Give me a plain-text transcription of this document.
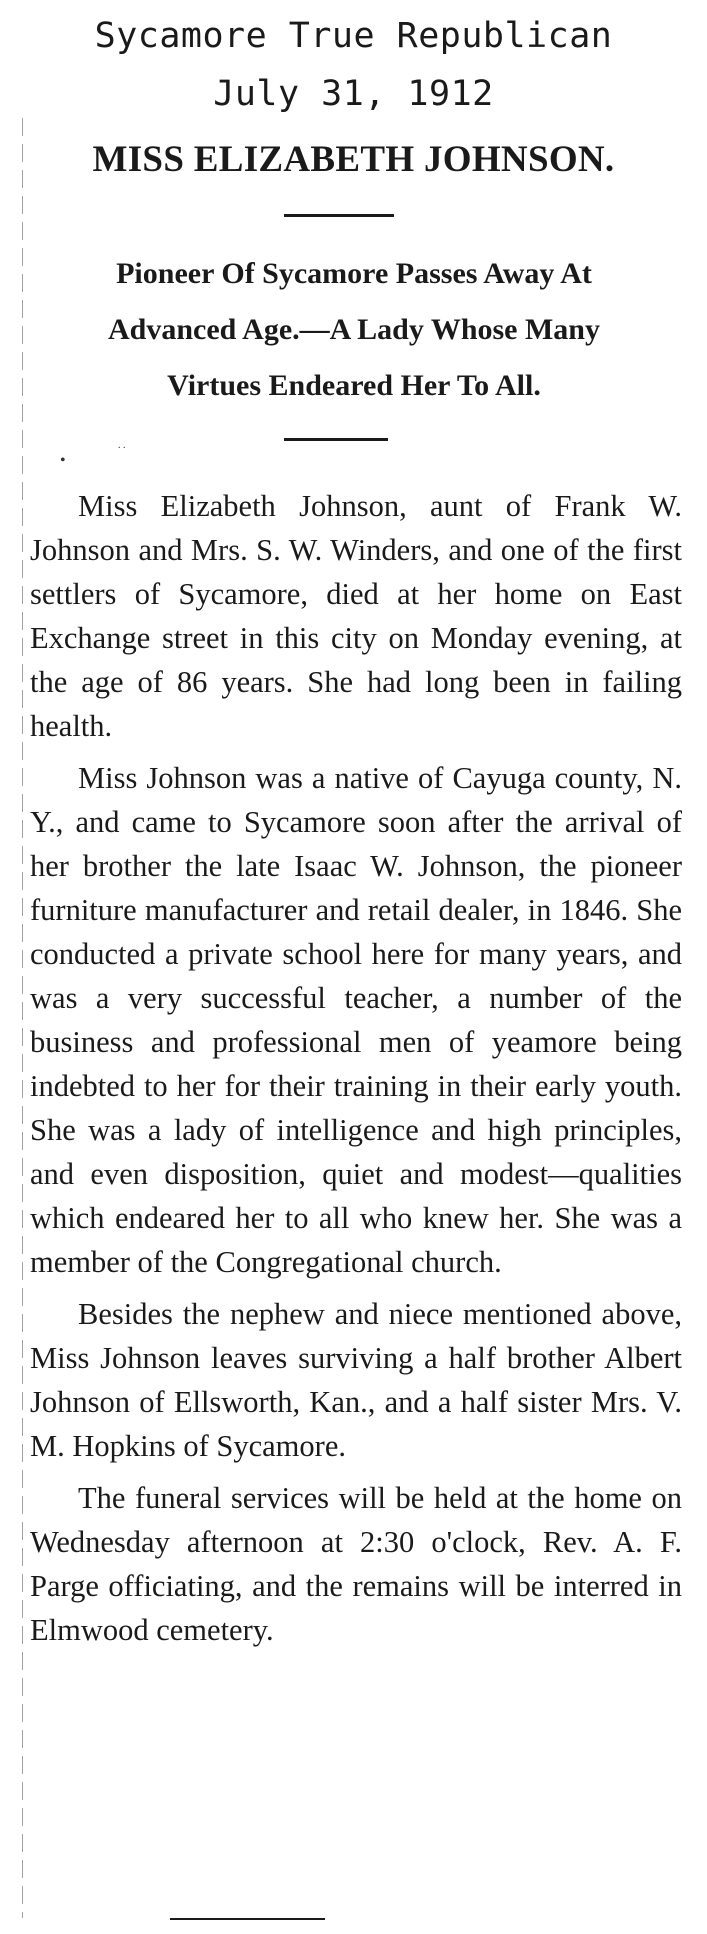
Sycamore True Republican
July 31, 1912
MISS ELIZABETH JOHNSON.
Pioneer Of Sycamore Passes Away At
Advanced Age.—A Lady Whose Many
Virtues Endeared Her To All.
•
. .

Miss Elizabeth Johnson, aunt of Frank W. Johnson and Mrs. S. W. Winders, and one of the first settlers of Sycamore, died at her home on East Exchange street in this city on Monday evening, at the age of 86 years. She had long been in failing health.

Miss Johnson was a native of Cayuga county, N. Y., and came to Sycamore soon after the arrival of her brother the late Isaac W. Johnson, the pioneer furniture manufacturer and retail dealer, in 1846. She conducted a private school here for many years, and was a very successful teacher, a number of the business and professional men of yeamore being indebted to her for their training in their early youth. She was a lady of intelligence and high principles, and even disposition, quiet and modest—qualities which endeared her to all who knew her. She was a member of the Congregational church.

Besides the nephew and niece mentioned above, Miss Johnson leaves surviving a half brother Albert Johnson of Ellsworth, Kan., and a half sister Mrs. V. M. Hopkins of Sycamore.

The funeral services will be held at the home on Wednesday afternoon at 2:30 o'clock, Rev. A. F. Parge officiating, and the remains will be interred in Elmwood cemetery.
